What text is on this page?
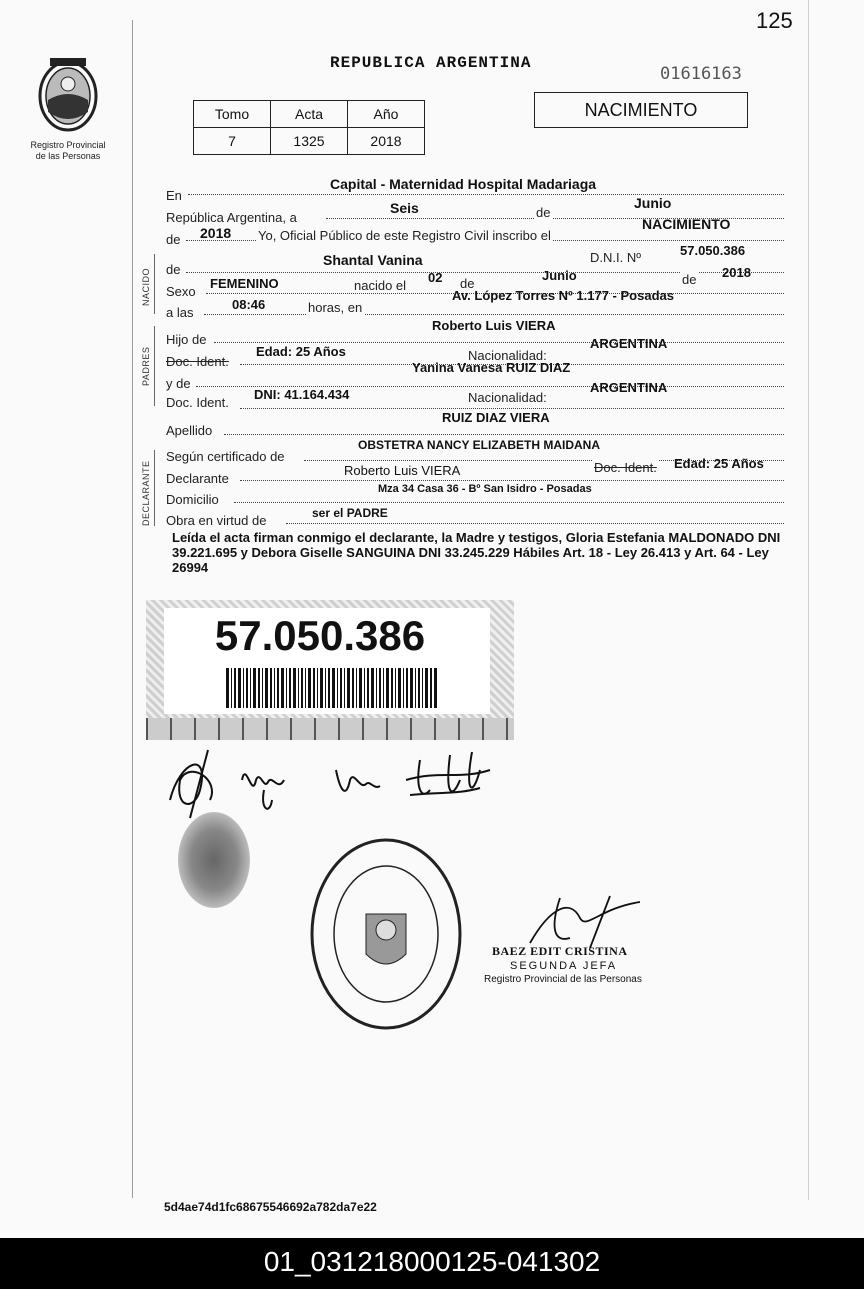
125
01616163
Registro Provincial
de las Personas
REPUBLICA ARGENTINA
Tomo	Acta	Año
7	1325	2018
NACIMIENTO
En
Capital - Maternidad Hospital Madariaga
República Argentina, a
Seis	de
Junio
de 2018 Yo, Oficial Público de este Registro Civil inscribo el
NACIMIENTO
NACIDO de
Shantal Vanina	D.N.I. Nº	57.050.386
Sexo
FEMENINO	nacido el
02 de
Junio	de 2018
a las
08:46	horas, en
Av. López Torres Nº 1.177 - Posadas
PADRES
Hijo de
Roberto Luis VIERA
Doc. Ident.
Edad: 25 Años	Nacionalidad:
ARGENTINA
y de
Yanina Vanesa RUIZ DIAZ
Doc. Ident.
DNI: 41.164.434	Nacionalidad:
ARGENTINA
Apellido
RUIZ DIAZ VIERA
DECLARANTE
Según certificado de
OBSTETRA NANCY ELIZABETH MAIDANA
Declarante
Roberto Luis VIERA	Doc. Ident. Edad: 25 Años
Domicilio
Mza 34 Casa 36 - Bº San Isidro - Posadas
Obra en virtud de	ser el PADRE
Leída el acta firman conmigo el declarante, la Madre y testigos, Gloria Estefania MALDONADO DNI 39.221.695 y Debora Giselle SANGUINA DNI 33.245.229 Hábiles Art. 18 - Ley 26.413 y Art. 64 - Ley 26994
57.050.386
BAEZ EDIT CRISTINA
SEGUNDA JEFA
Registro Provincial de las Personas
5d4ae74d1fc68675546692a782da7e22
01_031218000125-041302
